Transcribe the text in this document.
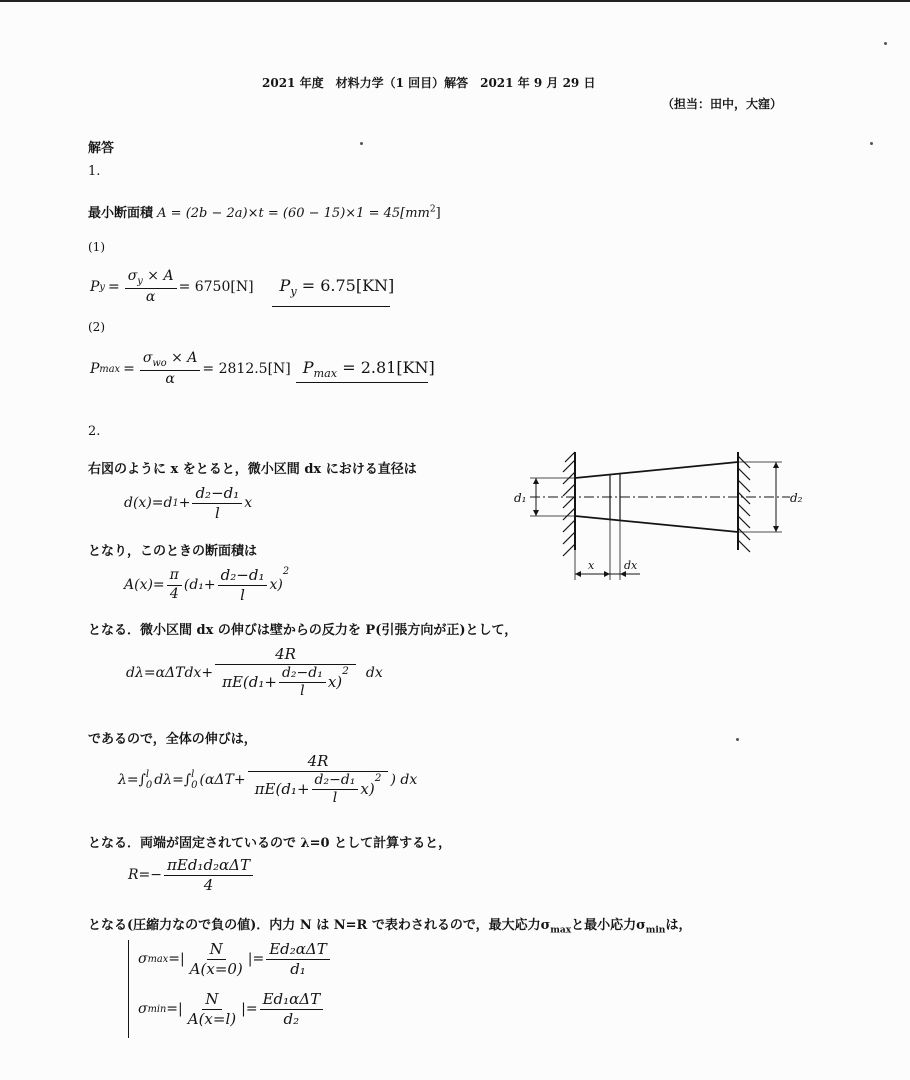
2021 年度　材料力学（1 回目）解答　2021 年 9 月 29 日
（担当：田中，大窪）
解答
1.
最小断面積 $A = (2b - 2a)\times t = (60 - 15)\times 1 = 45[mm^2]$
(1)
P $y = \frac{\sigma_y \times A}{\alpha} = 6750[N] P_y = 6.75[KN]$
(2)
P $\max = \frac{\sigma_{wo} \times A}{\alpha} = 2812.5[N] P_{max} = 2.81[KN]$
2.
右図のように x をとると，微小区間 dx における直径は
d(x)=d $1 + \frac{\text{d₂−d₁}}{l}$ x
となり，このときの断面積は
$A(x)= \frac{\pi}{4} (d_1+ \frac{\text{d₂−d₁}}{l} x)$
2
となる．微小区間 dx の伸びは壁からの反力を P(引張方向が正)として，
dλ=αΔTdx+ 4R
$\pi E(d_1+ \frac{\text{d₂−d₁}}{l} x)$
$^2$ dx
であるので，全体の伸びは，
λ=∫ l
0 dλ=∫ l
0 (αΔT+ 4R
$\pi E(d_1+ \frac{\text{d₂−d₁}}{l} x)$
$^2$ ) dx
となる．両端が固定されているので λ=0 として計算すると，
$R=- \frac{\text{πEd₁d₂αΔT}}{4}$
となる(圧縮力なので負の値)．内力 N は N=R で表わされるので，最大応力$\sigma_{max}$と最小応力$\sigma_{min}$は，
σ max =| $\frac{N}{A(x=0)}$ |= $\frac{\text{Ed₂αΔT}}{\text{d₁}}$
σ min =| $\frac{N}{A(x=l)}$ |= $\frac{\text{Ed₁αΔT}}{\text{d₂}}$
d₁	d₂
x	dx
